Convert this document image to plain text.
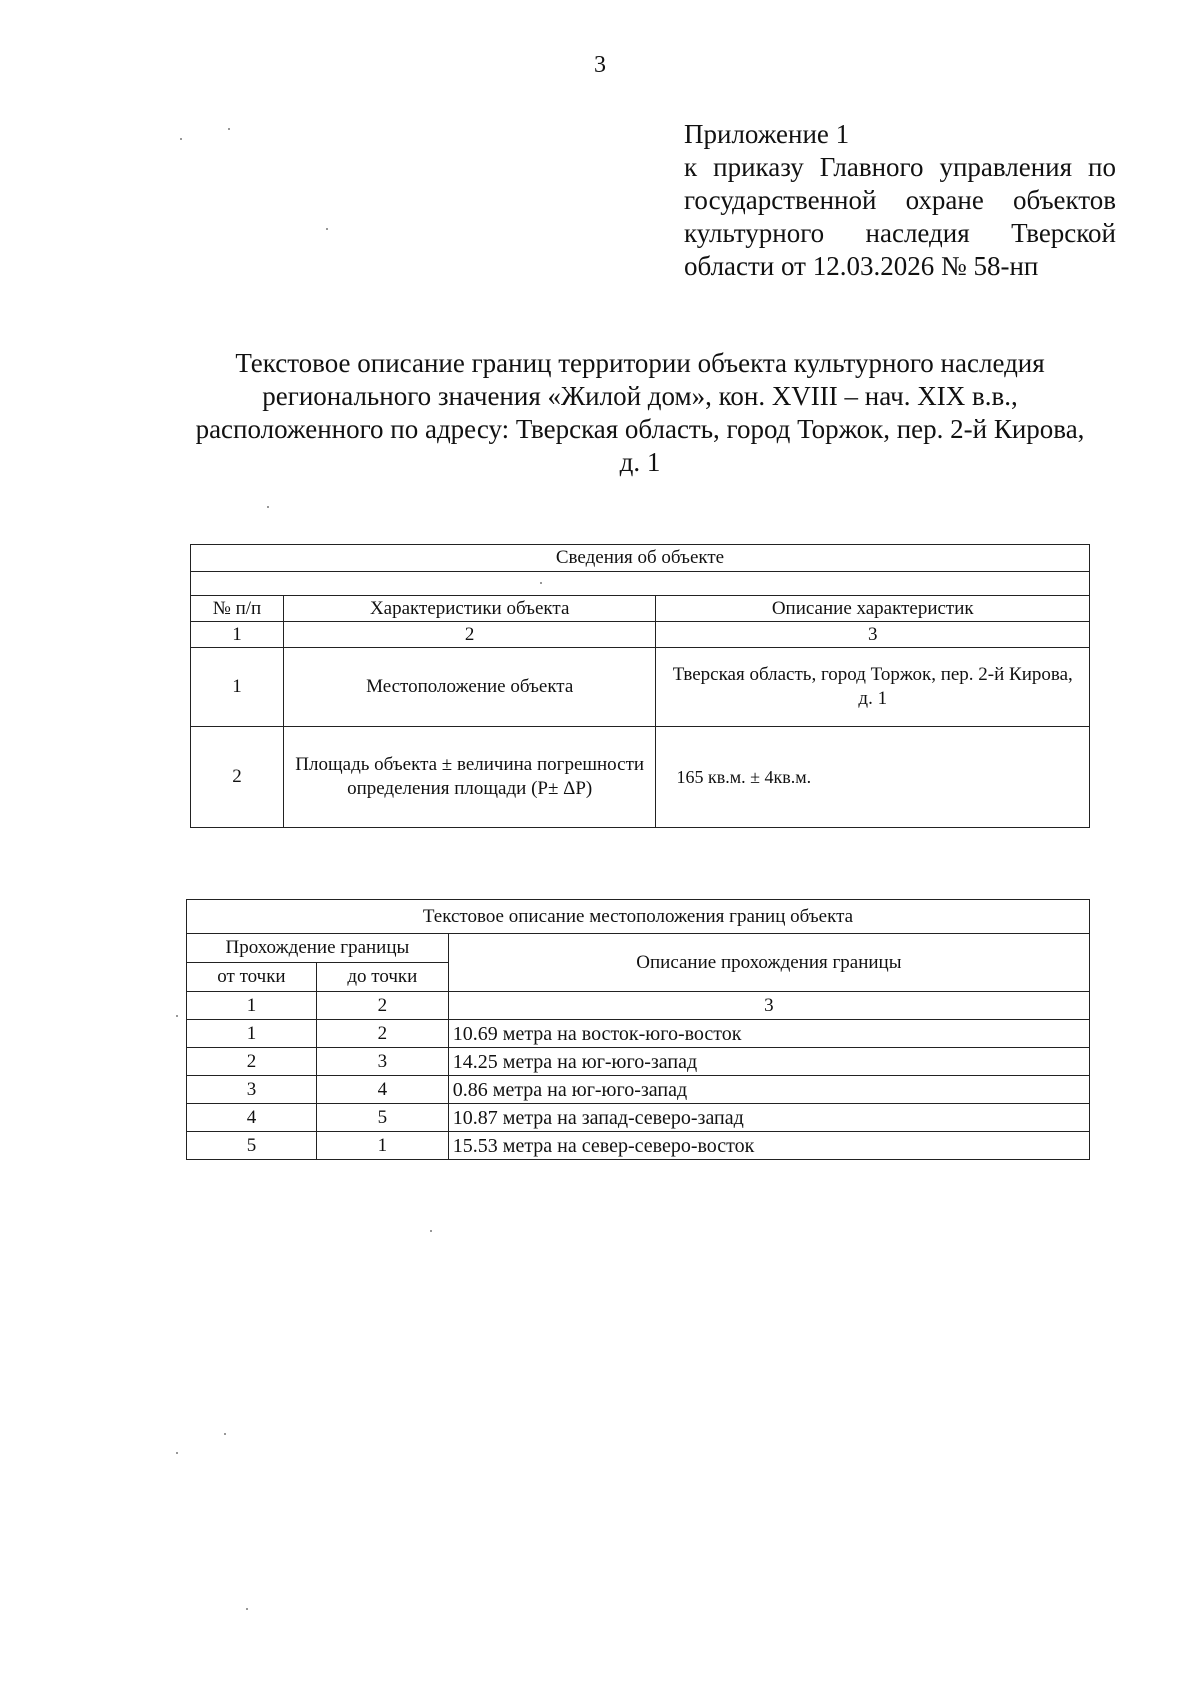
3
Приложение 1
к приказу Главного управления по
государственной охране объектов
культурного наследия Тверской
области от 12.03.2026 № 58-нп
Текстовое описание границ территории объекта культурного наследия
регионального значения «Жилой дом», кон. XVIII – нач. XIX в.в.,
расположенного по адресу: Тверская область, город Торжок, пер. 2-й Кирова,
д. 1
Сведения об объекте		

№ п/п	Характеристики объекта	Описание характеристик
1	2	3
1	Местоположение объекта	Тверская область, город Торжок, пер. 2-й Кирова, д. 1
2	Площадь объекта ± величина погрешности определения площади (Р± ΔР)	165 кв.м. ± 4кв.м.
Текстовое описание местоположения границ объекта		
Прохождение границы		Описание прохождения границы
от точки	до точки	
1	2	3
1	2	10.69 метра на восток-юго-восток
2	3	14.25 метра на юг-юго-запад
3	4	0.86 метра на юг-юго-запад
4	5	10.87 метра на запад-северо-запад
5	1	15.53 метра на север-северо-восток
